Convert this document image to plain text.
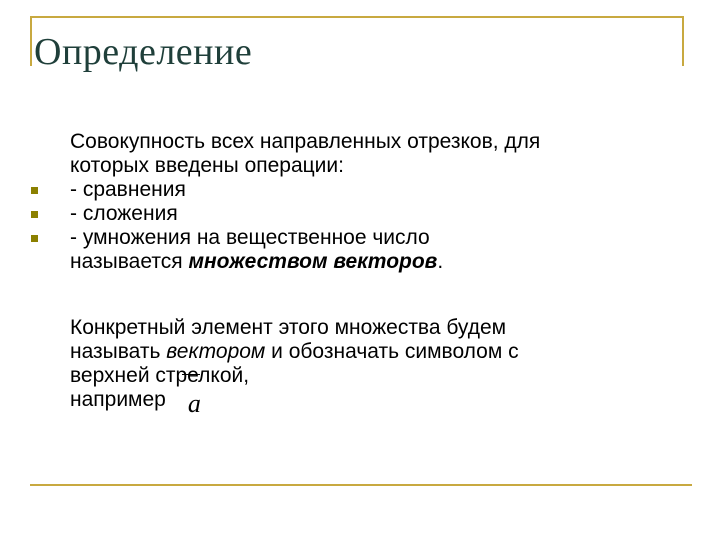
Определение
Совокупность всех направленных отрезков, для
которых введены операции:
- сравнения
- сложения
- умножения на вещественное число
называется множеством векторов.
Конкретный элемент этого множества будем
называть вектором и обозначать символом с
верхней стрелкой,
например a
